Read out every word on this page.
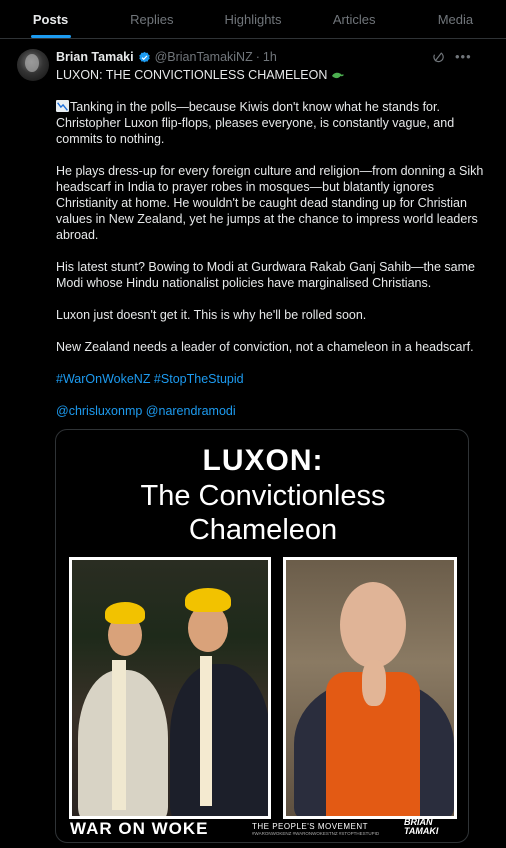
Posts	Replies	Highlights	Articles	Media
Brian Tamaki @BrianTamakiNZ · 1h	•••
LUXON: THE CONVICTIONLESS CHAMELEON
Tanking in the polls—because Kiwis don't know what he stands for. Christopher Luxon flip-flops, pleases everyone, is constantly vague, and commits to nothing.
He plays dress-up for every foreign culture and religion—from donning a Sikh headscarf in India to prayer robes in mosques—but blatantly ignores Christianity at home. He wouldn't be caught dead standing up for Christian values in New Zealand, yet he jumps at the chance to impress world leaders abroad.
His latest stunt? Bowing to Modi at Gurdwara Rakab Ganj Sahib—the same Modi whose Hindu nationalist policies have marginalised Christians.
Luxon just doesn't get it. This is why he'll be rolled soon.
New Zealand needs a leader of conviction, not a chameleon in a headscarf.
#WarOnWokeNZ #StopTheStupid
@chrisluxonmp @narendramodi
LUXON:
The Convictionless
Chameleon
WAR ON WOKE	THE PEOPLE'S MOVEMENT
#WARONWOKENZ #WARONWOKESTNZ #STOPTHESTUPID
BRIAN
TAMAKI
